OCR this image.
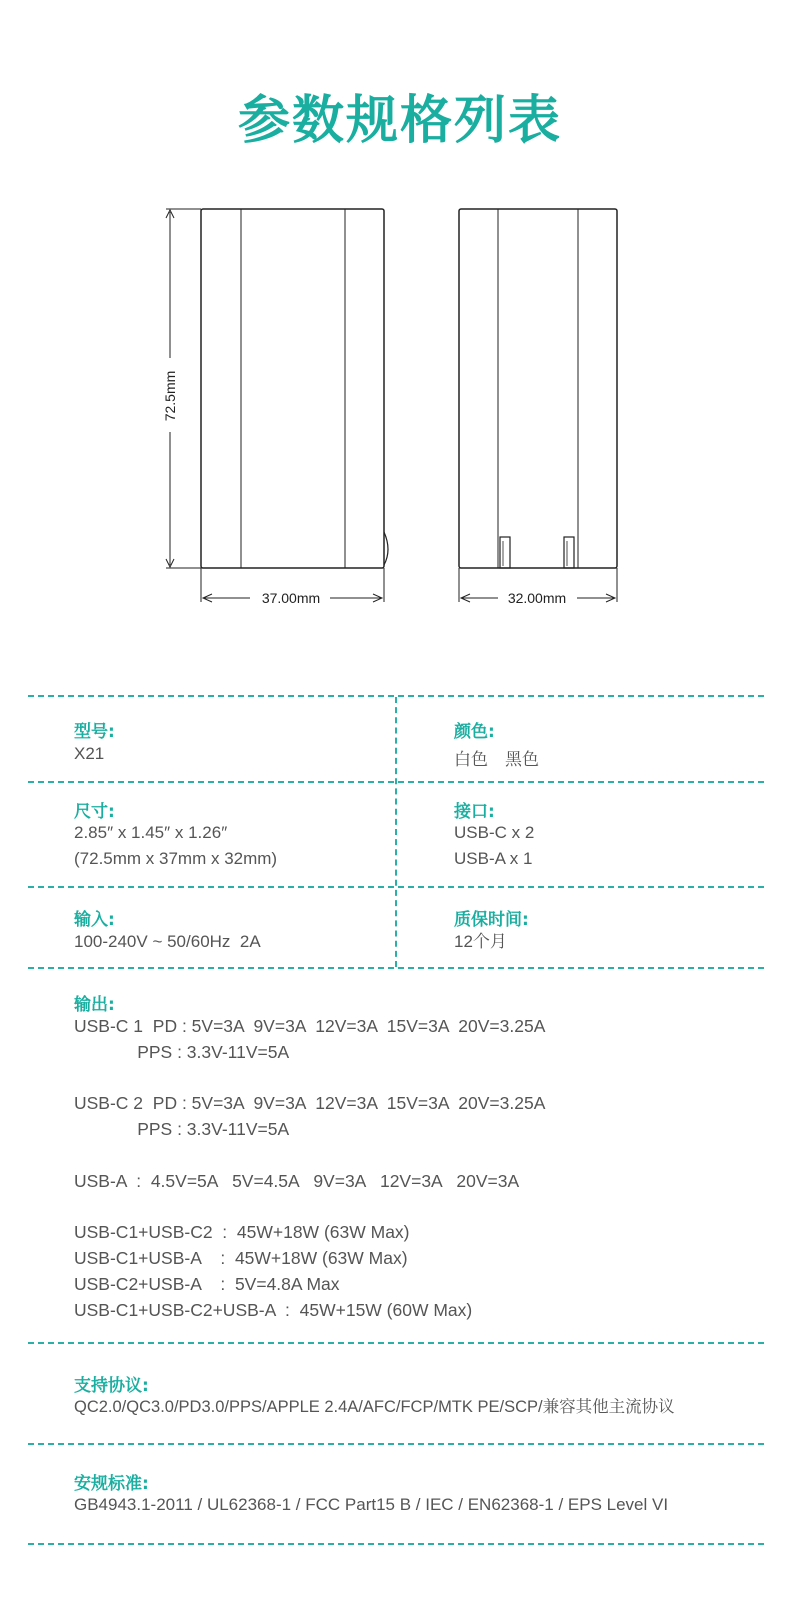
参数规格列表
72.5mm
37.00mm	32.00mm
型号:
X21
颜色:
白色　黑色
尺寸:
2.85″ x 1.45″ x 1.26″
(72.5mm x 37mm x 32mm)
接口:
USB-C x 2
USB-A x 1
输入:
100-240V ~ 50/60Hz  2A
质保时间:
12个月
输出:
USB-C 1  PD : 5V=3A  9V=3A  12V=3A  15V=3A  20V=3.25A
PPS : 3.3V-11V=5A
USB-C 2  PD : 5V=3A  9V=3A  12V=3A  15V=3A  20V=3.25A
PPS : 3.3V-11V=5A
USB-A  :  4.5V=5A   5V=4.5A   9V=3A   12V=3A   20V=3A
USB-C1+USB-C2  :  45W+18W (63W Max)
USB-C1+USB-A    :  45W+18W (63W Max)
USB-C2+USB-A    :  5V=4.8A Max
USB-C1+USB-C2+USB-A  :  45W+15W (60W Max)
支持协议:
QC2.0/QC3.0/PD3.0/PPS/APPLE 2.4A/AFC/FCP/MTK PE/SCP/兼容其他主流协议
安规标准:
GB4943.1-2011 / UL62368-1 / FCC Part15 B / IEC / EN62368-1 / EPS Level VI
